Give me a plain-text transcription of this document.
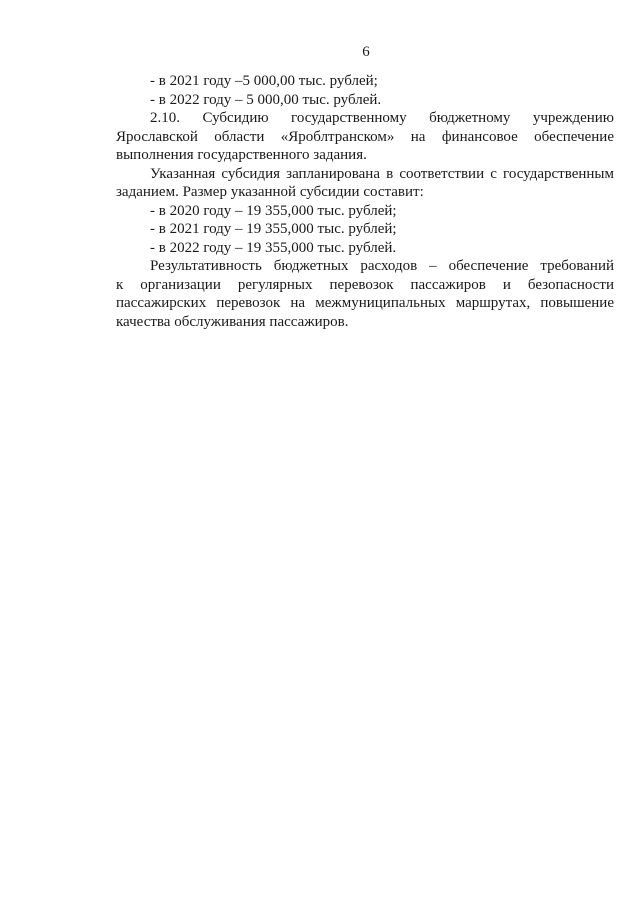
6
- в 2021 году –5 000,00 тыс. рублей;
- в 2022 году – 5 000,00 тыс. рублей.
2.10. Субсидию государственному бюджетному учреждению
Ярославской области «Яроблтранском» на финансовое обеспечение
выполнения государственного задания.
Указанная субсидия запланирована в соответствии с государственным
заданием. Размер указанной субсидии составит:
- в 2020 году – 19 355,000 тыс. рублей;
- в 2021 году – 19 355,000 тыс. рублей;
- в 2022 году – 19 355,000 тыс. рублей.
Результативность бюджетных расходов – обеспечение требований
к организации регулярных перевозок пассажиров и безопасности
пассажирских перевозок на межмуниципальных маршрутах, повышение
качества обслуживания пассажиров.
